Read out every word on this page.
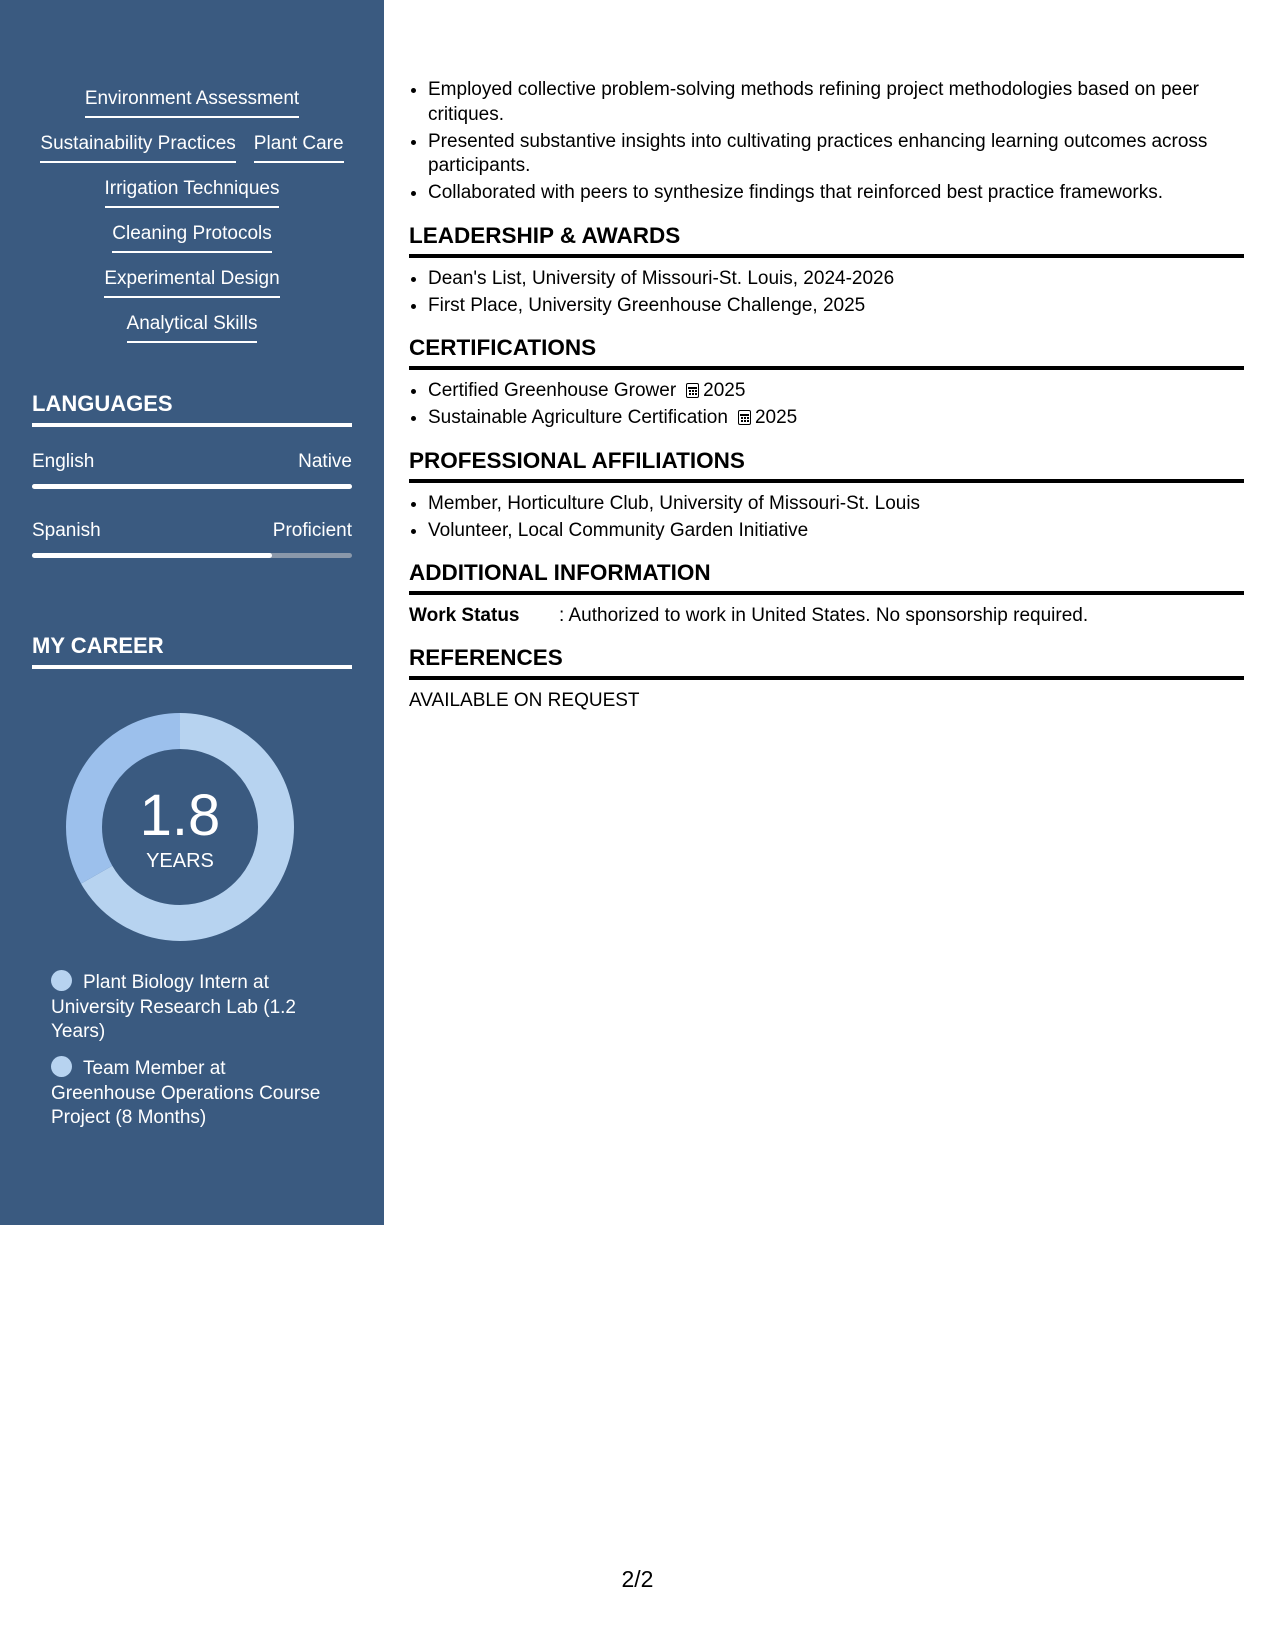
Environment Assessment
Sustainability Practices Plant Care
Irrigation Techniques
Cleaning Protocols
Experimental Design
Analytical Skills
LANGUAGES
English	Native
Spanish	Proficient
MY CAREER
1.8
YEARS
Plant Biology Intern at University Research Lab (1.2 Years)
Team Member at Greenhouse Operations Course Project (8 Months)
• Employed collective problem-solving methods refining project methodologies based on peer critiques.
• Presented substantive insights into cultivating practices enhancing learning outcomes across participants.
• Collaborated with peers to synthesize findings that reinforced best practice frameworks.
LEADERSHIP & AWARDS
• Dean's List, University of Missouri-St. Louis, 2024-2026
• First Place, University Greenhouse Challenge, 2025
CERTIFICATIONS
• Certified Greenhouse Grower 2025
• Sustainable Agriculture Certification 2025
PROFESSIONAL AFFILIATIONS
• Member, Horticulture Club, University of Missouri-St. Louis
• Volunteer, Local Community Garden Initiative
ADDITIONAL INFORMATION
Work Status	: Authorized to work in United States. No sponsorship required.
REFERENCES
AVAILABLE ON REQUEST
2/2
